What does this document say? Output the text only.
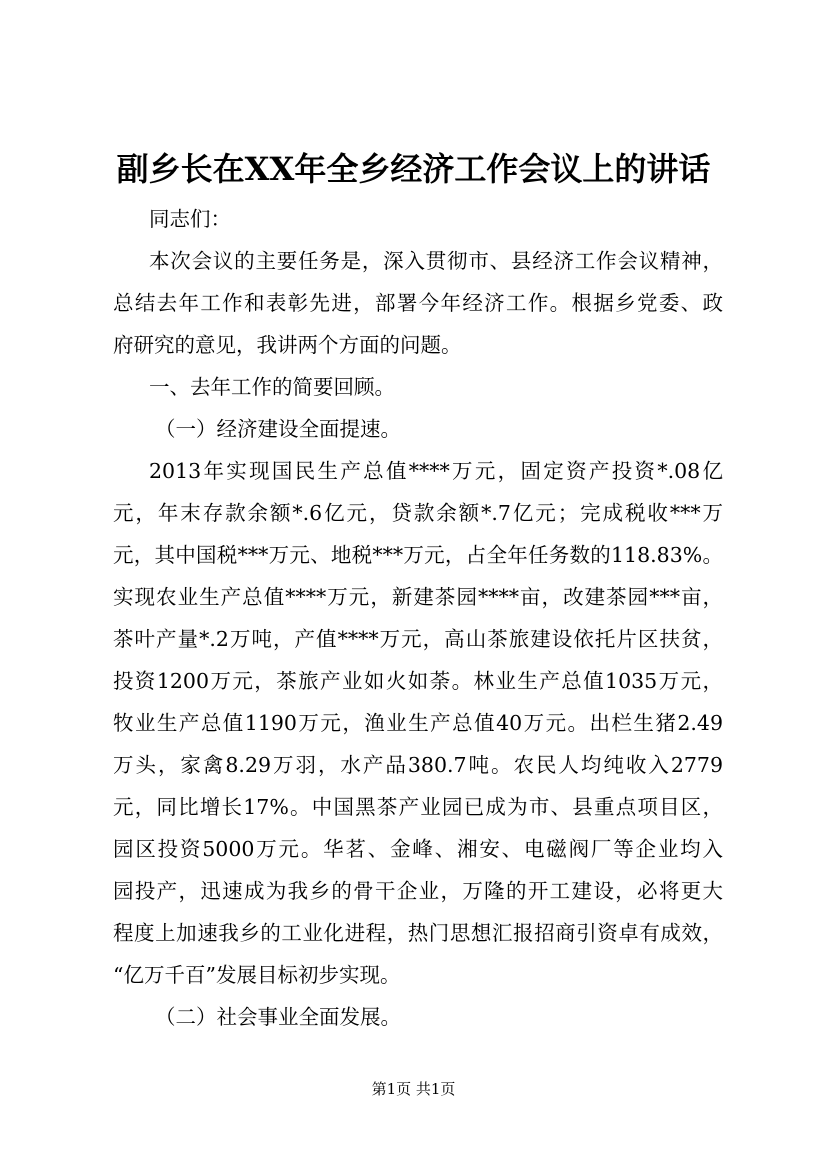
副乡长在XX年全乡经济工作会议上的讲话
同志们：
本次会议的主要任务是，深入贯彻市、县经济工作会议精神，
总结去年工作和表彰先进，部署今年经济工作。根据乡党委、政
府研究的意见，我讲两个方面的问题。
一、去年工作的简要回顾。
（一）经济建设全面提速。
2013年实现国民生产总值****万元，固定资产投资*.08亿
元，年末存款余额*.6亿元，贷款余额*.7亿元；完成税收***万
元，其中国税***万元、地税***万元，占全年任务数的118.83%。
实现农业生产总值****万元，新建茶园****亩，改建茶园***亩，
茶叶产量*.2万吨，产值****万元，高山茶旅建设依托片区扶贫，
投资1200万元，茶旅产业如火如荼。林业生产总值1035万元，
牧业生产总值1190万元，渔业生产总值40万元。出栏生猪2.49
万头，家禽8.29万羽，水产品380.7吨。农民人均纯收入2779
元，同比增长17%。中国黑茶产业园已成为市、县重点项目区，
园区投资5000万元。华茗、金峰、湘安、电磁阀厂等企业均入
园投产，迅速成为我乡的骨干企业，万隆的开工建设，必将更大
程度上加速我乡的工业化进程，热门思想汇报招商引资卓有成效，
“亿万千百”发展目标初步实现。
（二）社会事业全面发展。
第1页 共1页
